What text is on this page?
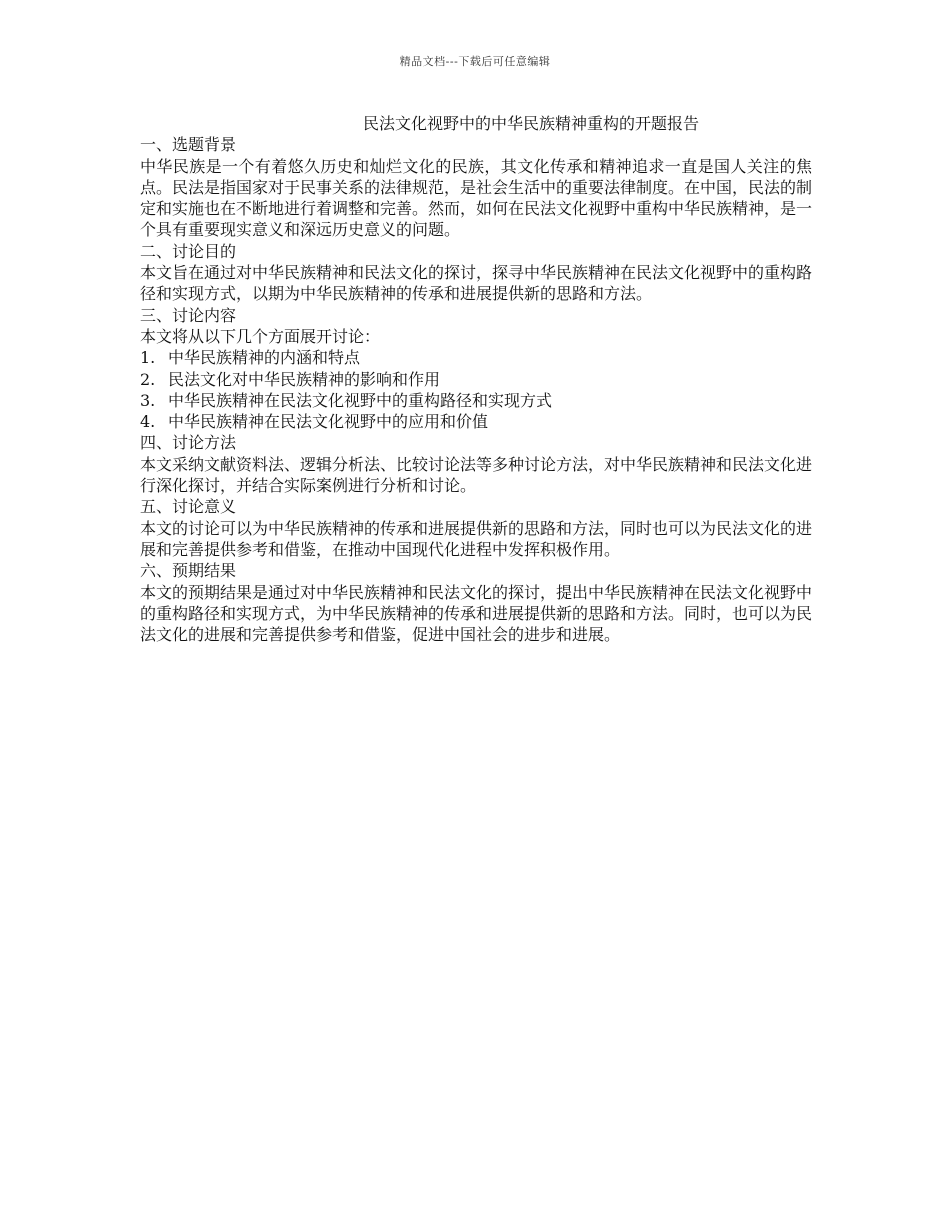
精品文档---下载后可任意编辑
民法文化视野中的中华民族精神重构的开题报告
一、选题背景

中华民族是一个有着悠久历史和灿烂文化的民族，其文化传承和精神追求一直是国人关注的焦点。民法是指国家对于民事关系的法律规范，是社会生活中的重要法律制度。在中国，民法的制定和实施也在不断地进行着调整和完善。然而，如何在民法文化视野中重构中华民族精神，是一个具有重要现实意义和深远历史意义的问题。

二、讨论目的

本文旨在通过对中华民族精神和民法文化的探讨，探寻中华民族精神在民法文化视野中的重构路径和实现方式，以期为中华民族精神的传承和进展提供新的思路和方法。

三、讨论内容

本文将从以下几个方面展开讨论：

1. 中华民族精神的内涵和特点
2. 民法文化对中华民族精神的影响和作用
3. 中华民族精神在民法文化视野中的重构路径和实现方式
4. 中华民族精神在民法文化视野中的应用和价值
四、讨论方法

本文采纳文献资料法、逻辑分析法、比较讨论法等多种讨论方法，对中华民族精神和民法文化进行深化探讨，并结合实际案例进行分析和讨论。

五、讨论意义

本文的讨论可以为中华民族精神的传承和进展提供新的思路和方法，同时也可以为民法文化的进展和完善提供参考和借鉴，在推动中国现代化进程中发挥积极作用。

六、预期结果

本文的预期结果是通过对中华民族精神和民法文化的探讨，提出中华民族精神在民法文化视野中的重构路径和实现方式，为中华民族精神的传承和进展提供新的思路和方法。同时，也可以为民法文化的进展和完善提供参考和借鉴，促进中国社会的进步和进展。
